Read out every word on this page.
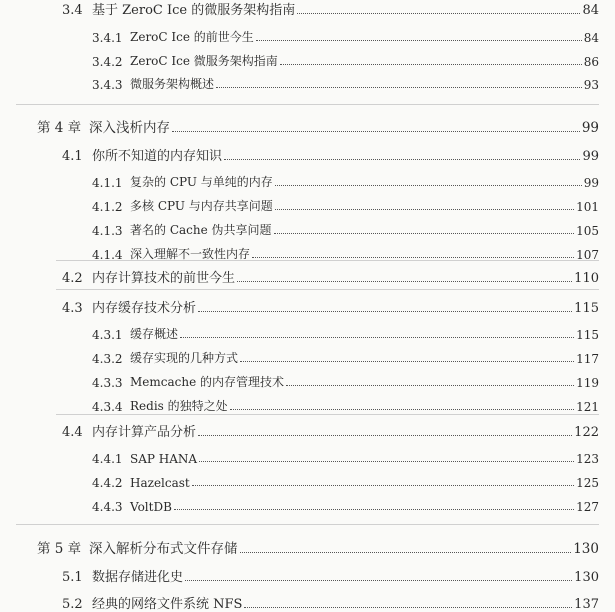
3.4 基于 ZeroC Ice 的微服务架构指南	84
3.4.1 ZeroC Ice 的前世今生	84
3.4.2 ZeroC Ice 微服务架构指南	86
3.4.3 微服务架构概述	93
第 4 章 深入浅析内存	99
4.1 你所不知道的内存知识	99
4.1.1 复杂的 CPU 与单纯的内存	99
4.1.2 多核 CPU 与内存共享问题	101
4.1.3 著名的 Cache 伪共享问题	105
4.1.4 深入理解不一致性内存	107
4.2 内存计算技术的前世今生	110
4.3 内存缓存技术分析	115
4.3.1 缓存概述	115
4.3.2 缓存实现的几种方式	117
4.3.3 Memcache 的内存管理技术	119
4.3.4 Redis 的独特之处	121
4.4 内存计算产品分析	122
4.4.1 SAP HANA	123
4.4.2 Hazelcast	125
4.4.3 VoltDB	127
第 5 章 深入解析分布式文件存储	130
5.1 数据存储进化史	130
5.2 经典的网络文件系统 NFS	137
